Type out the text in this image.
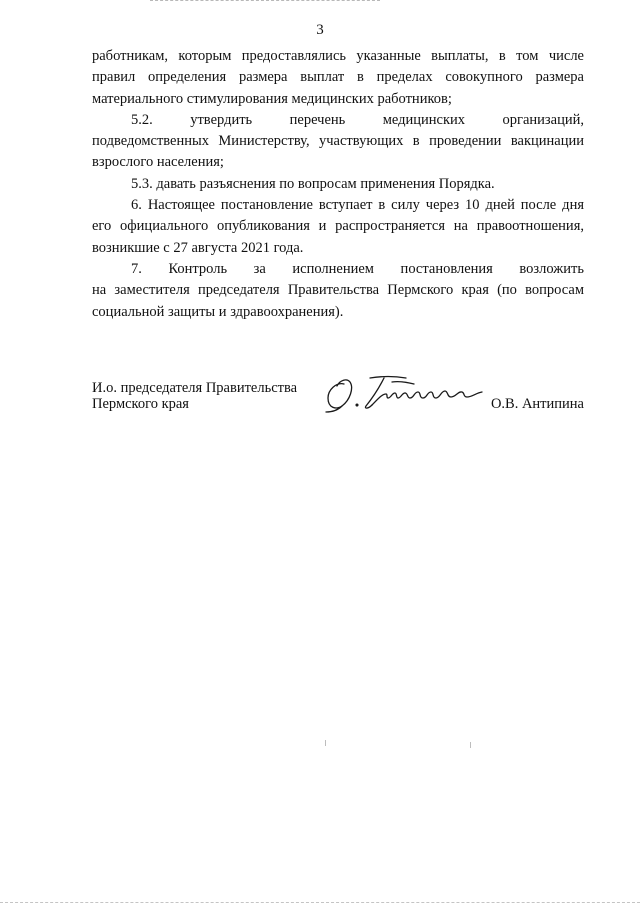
3

работникам, которым предоставлялись указанные выплаты, в том числе
правил определения размера выплат в пределах совокупного размера
материального стимулирования медицинских работников;

5.2. утвердить перечень медицинских организаций,
подведомственных Министерству, участвующих в проведении вакцинации
взрослого населения;

5.3. давать разъяснения по вопросам применения Порядка.

6. Настоящее постановление вступает в силу через 10 дней после дня
его официального опубликования и распространяется на правоотношения,
возникшие с 27 августа 2021 года.

7. Контроль за исполнением постановления возложить
на заместителя председателя Правительства Пермского края (по вопросам
социальной защиты и здравоохранения).

И.о. председателя Правительства
Пермского края	О.В. Антипина
